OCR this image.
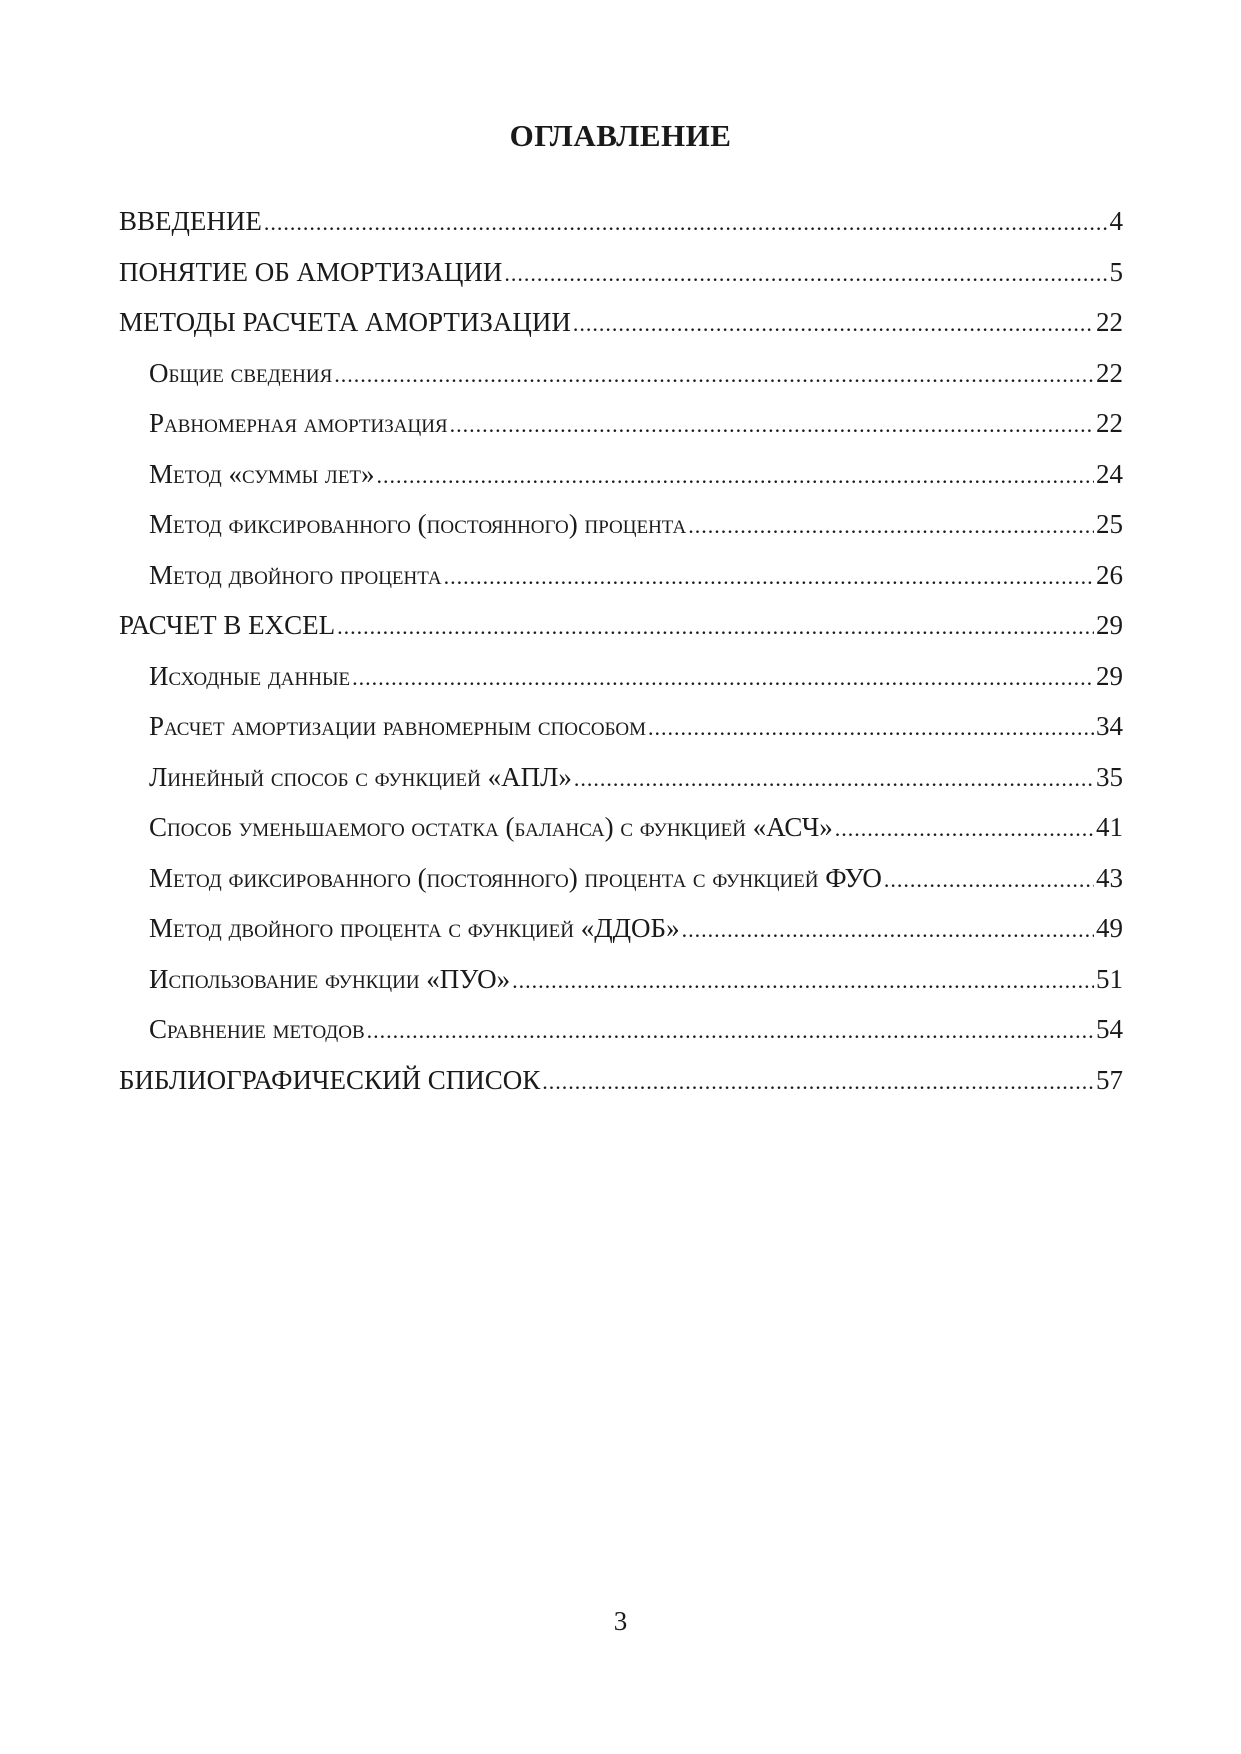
ОГЛАВЛЕНИЕ
ВВЕДЕНИЕ .....	4
ПОНЯТИЕ ОБ АМОРТИЗАЦИИ .....	5
МЕТОДЫ РАСЧЕТА АМОРТИЗАЦИИ .....	22
Общие сведения .....	22
Равномерная амортизация .....	22
Метод «суммы лет» .....	24
Метод фиксированного (постоянного) процента .....	25
Метод двойного процента .....	26
РАСЧЕТ В EXCEL .....	29
Исходные данные .....	29
Расчет амортизации равномерным способом .....	34
Линейный способ с функцией «АПЛ» .....	35
Способ уменьшаемого остатка (баланса) с функцией «АСЧ» .....	41
Метод фиксированного (постоянного) процента с функцией ФУО .....	43
Метод двойного процента с функцией «ДДОБ» .....	49
Использование функции «ПУО» .....	51
Сравнение методов .....	54
БИБЛИОГРАФИЧЕСКИЙ СПИСОК .....	57
3
